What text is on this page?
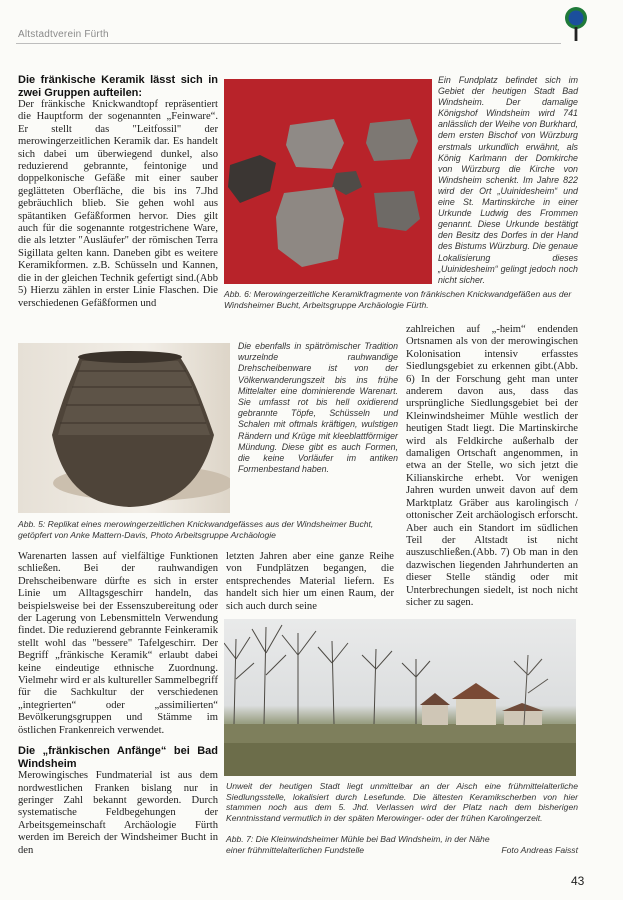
Altstadtverein Fürth

Die fränkische Keramik lässt sich in zwei Gruppen aufteilen:

Der fränkische Knickwandtopf repräsentiert die Hauptform der sogenannten „Feinware“. Er stellt das "Leitfossil" der merowingerzeitlichen Keramik dar. Es handelt sich dabei um überwiegend dunkel, also reduzierend gebrannte, feintonige und doppelkonische Gefäße mit einer sauber geglätteten Oberfläche, die bis ins 7.Jhd gebräuchlich blieb. Sie gehen wohl aus spätantiken Gefäßformen hervor. Dies gilt auch für die sogenannte rotgestrichene Ware, die als letzter "Ausläufer" der römischen Terra Sigillata gelten kann. Daneben gibt es weitere Keramikformen. z.B. Schüsseln und Kannen, die in der gleichen Technik gefertigt sind.(Abb 5) Hierzu zählen in erster Linie Flaschen. Die verschiedenen Gefäßformen und

Ein Fundplatz befindet sich im Gebiet der heutigen Stadt Bad Windsheim. Der damalige Königshof Windsheim wird 741 anlässlich der Weihe von Burkhard, dem ersten Bischof von Würzburg erstmals urkundlich erwähnt, als König Karlmann der Domkirche von Würzburg die Kirche von Windsheim schenkt. Im Jahre 822 wird der Ort „Uuinidesheim“ und eine St. Martinskirche in einer Urkunde Ludwig des Frommen genannt. Diese Urkunde bestätigt den Besitz des Dorfes in der Hand des Bistums Würzburg. Die genaue Lokalisierung dieses „Uuinidesheim“ gelingt jedoch noch nicht sicher.
Abb. 6: Merowingerzeitliche Keramikfragmente von fränkischen Knickwandgefäßen aus der Windsheimer Bucht, Arbeitsgruppe Archäologie Fürth.
Die ebenfalls in spätrömischer Tradition wurzelnde rauhwandige Drehscheibenware ist von der Völkerwanderungszeit bis ins frühe Mittelalter eine dominierende Warenart. Sie umfasst rot bis hell oxidierend gebrannte Töpfe, Schüsseln und Schalen mit oftmals kräftigen, wulstigen Rändern und Krüge mit kleeblattförmiger Mündung. Diese gibt es auch Formen, die keine Vorläufer im antiken Formenbestand haben.
Abb. 5: Replikat eines merowingerzeitlichen Knickwandgefässes aus der Windsheimer Bucht, getöpfert von Anke Mattern-Davis, Photo Arbeitsgruppe Archäologie
zahlreichen auf „-heim“ endenden Ortsnamen als von der merowingischen Kolonisation intensiv erfasstes Siedlungsgebiet zu erkennen gibt.(Abb. 6) In der Forschung geht man unter anderem davon aus, dass das ursprüngliche Siedlungsgebiet bei der Kleinwindsheimer Mühle westlich der heutigen Stadt liegt. Die Martinskirche wird als Feldkirche außerhalb der damaligen Ortschaft angenommen, in etwa an der Stelle, wo sich jetzt die Kilianskirche erhebt. Vor wenigen Jahren wurden unweit davon auf dem Marktplatz Gräber aus karolingisch / ottonischer Zeit archäologisch erforscht. Aber auch ein Standort im südlichen Teil der Altstadt ist nicht auszuschließen.(Abb. 7) Ob man in den dazwischen liegenden Jahrhunderten an dieser Stelle ständig oder mit Unterbrechungen siedelt, ist noch nicht sicher zu sagen.

Warenarten lassen auf vielfältige Funktionen schließen. Bei der rauhwandigen Drehscheibenware dürfte es sich in erster Linie um Alltagsgeschirr handeln, das beispielsweise bei der Essenszubereitung oder der Lagerung von Lebensmitteln Verwendung findet. Die reduzierend gebrannte Feinkeramik stellt wohl das "bessere" Tafelgeschirr. Der Begriff „fränkische Keramik“ erlaubt dabei keine eindeutige ethnische Zuordnung. Vielmehr wird er als kultureller Sammelbegriff für die Sachkultur der verschiedenen „integrierten“ oder „assimilierten“ Bevölkerungsgruppen und Stämme im östlichen Frankenreich verwendet.

Die „fränkischen Anfänge“ bei Bad Windsheim

Merowingisches Fundmaterial ist aus dem nordwestlichen Franken bislang nur in geringer Zahl bekannt geworden. Durch systematische Feldbegehungen der Arbeitsgemeinschaft Archäologie Fürth werden im Bereich der Windsheimer Bucht in den

letzten Jahren aber eine ganze Reihe von Fundplätzen begangen, die entsprechendes Material liefern. Es handelt sich hier um einen Raum, der sich auch durch seine
Unweit der heutigen Stadt liegt unmittelbar an der Aisch eine frühmittelalterliche Siedlungsstelle, lokalisiert durch Lesefunde. Die ältesten Keramikscherben von hier stammen noch aus dem 5. Jhd. Verlassen wird der Platz nach dem bisherigen Kenntnisstand vermutlich in der späten Merowinger- oder der frühen Karolingerzeit.
Abb. 7: Die Kleinwindsheimer Mühle bei Bad Windsheim, in der Nähe einer frühmittelalterlichen Fundstelle	Foto Andreas Faisst
43
